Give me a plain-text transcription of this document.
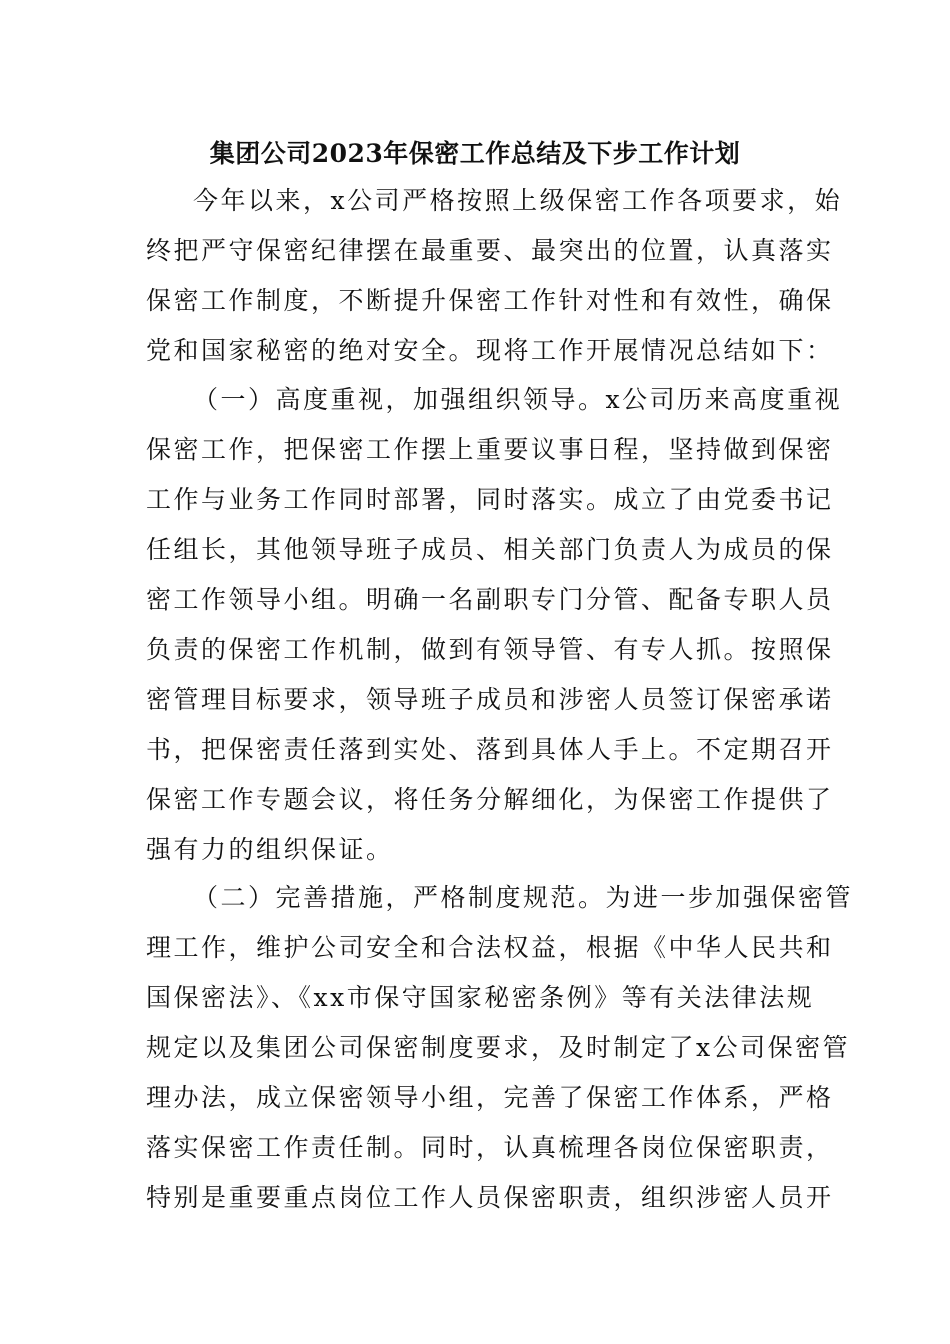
集团公司2023年保密工作总结及下步工作计划
今年以来，x公司严格按照上级保密工作各项要求，始
终把严守保密纪律摆在最重要、最突出的位置，认真落实
保密工作制度，不断提升保密工作针对性和有效性，确保
党和国家秘密的绝对安全。现将工作开展情况总结如下：
（一）高度重视，加强组织领导。x公司历来高度重视
保密工作，把保密工作摆上重要议事日程，坚持做到保密
工作与业务工作同时部署，同时落实。成立了由党委书记
任组长，其他领导班子成员、相关部门负责人为成员的保
密工作领导小组。明确一名副职专门分管、配备专职人员
负责的保密工作机制，做到有领导管、有专人抓。按照保
密管理目标要求，领导班子成员和涉密人员签订保密承诺
书，把保密责任落到实处、落到具体人手上。不定期召开
保密工作专题会议，将任务分解细化，为保密工作提供了
强有力的组织保证。
（二）完善措施，严格制度规范。为进一步加强保密管
理工作，维护公司安全和合法权益，根据《中华人民共和
国保密法》、《xx市保守国家秘密条例》等有关法律法规
规定以及集团公司保密制度要求，及时制定了x公司保密管
理办法，成立保密领导小组，完善了保密工作体系，严格
落实保密工作责任制。同时，认真梳理各岗位保密职责，
特别是重要重点岗位工作人员保密职责，组织涉密人员开
